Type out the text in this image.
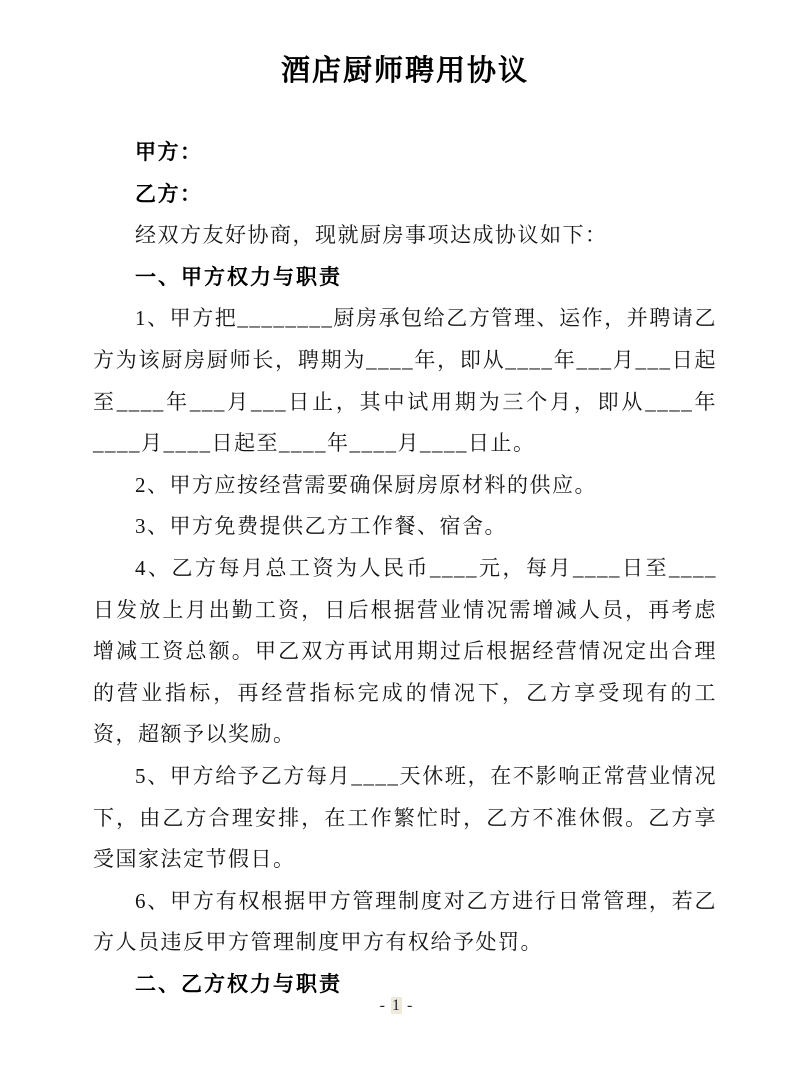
酒店厨师聘用协议

甲方：

乙方：

经双方友好协商，现就厨房事项达成协议如下：

一、甲方权力与职责

1、甲方把________厨房承包给乙方管理、运作，并聘请乙方为该厨房厨师长，聘期为____年，即从____年___月___日起至____年___月___日止，其中试用期为三个月，即从____年____月____日起至____年____月____日止。

2、甲方应按经营需要确保厨房原材料的供应。

3、甲方免费提供乙方工作餐、宿舍。

4、乙方每月总工资为人民币____元，每月____日至____日发放上月出勤工资，日后根据营业情况需增减人员，再考虑增减工资总额。甲乙双方再试用期过后根据经营情况定出合理的营业指标，再经营指标完成的情况下，乙方享受现有的工资，超额予以奖励。

5、甲方给予乙方每月____天休班，在不影响正常营业情况下，由乙方合理安排，在工作繁忙时，乙方不准休假。乙方享受国家法定节假日。

6、甲方有权根据甲方管理制度对乙方进行日常管理，若乙方人员违反甲方管理制度甲方有权给予处罚。

二、乙方权力与职责

- 1 -
